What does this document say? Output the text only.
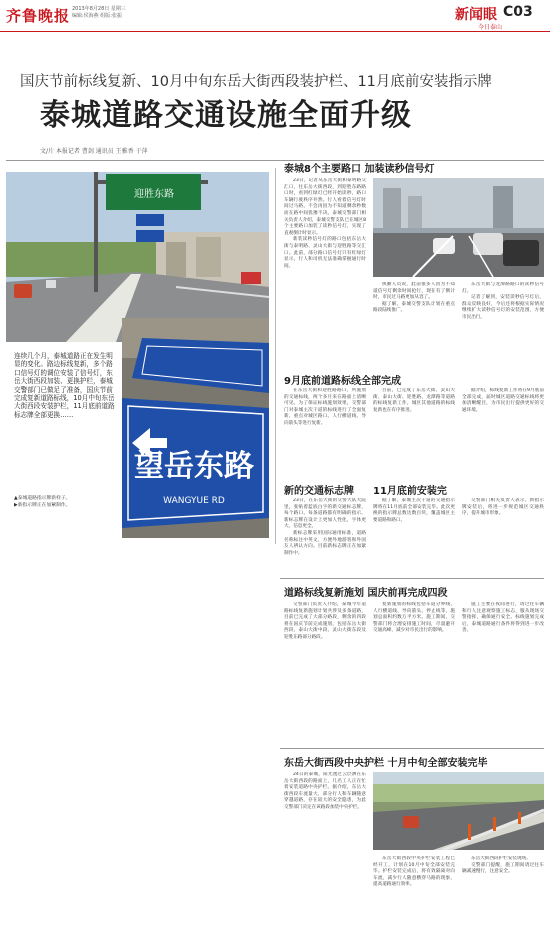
齐鲁晚报 2013年8月28日 星期三
编辑:侯海燕 组版:张振	新闻眼 C03
今日泰山
国庆节前标线复新、10月中旬东岳大街西段装护栏、11月底前安装指示牌
泰城道路交通设施全面升级
文/片 本报记者 曹剑 通讯员 王雅香 于萍
迎胜东路
望岳东路
WANGYUE RD
连续几个月，泰城道路正在发生明显的变化。路边标线复新，多个路口信号灯的调位安装了信号灯，东岳大街西段加装、更换护栏，泰城交警部门已做足了准备，国庆节前完成复新道路标线，10月中旬东岳大街西段安装护栏，11月底前道路标志牌全部更换……
▲泰城道路指示牌新样子。
▶新指示牌正在加紧制作。
泰城8个主要路口 加装读秒信号灯

23日，记者从东岳大街和泰明路交汇口，往东岳大街西段，到迎胜东路路口时，看到红绿灯已经开始读秒，路口车辆行驶秩序井然。行人看着信号灯时间过马路，不会再因为不知道剩余秒数而在路中间犹豫不决。泰城交警部门相关负责人介绍，泰城交警支队已在城区8个主要路口加装了读秒信号灯，实现了直观倒计时显示。

新装读秒信号灯的路口包括东岳大街与泰明路、灵山大街与迎胜路等交汇口。此前，部分路口信号灯只有红绿灯显示，行人和司机无法准确掌握通行时间。

执勤人员说，此前很多人因为不知道信号灯剩余时间抢行，现在有了倒计时，市民过马路更加从容了。

据了解，泰城交警支队计划在重点路段陆续推广。

东岳大街与龙潭路路口的读秒信号灯。

记者了解到，安装读秒信号灯后，群众反映良好，今后还将根据实际情况继续扩大读秒信号灯的安装范围，方便市民出行。

9月底前道路标线全部完成

在东岳大街和迎胜路路口，所施划的交通标线，两个多月来在路面上清晰可见。为了保证标线施划效果，交警部门对泰城主次干道的标线进行了全面复新，重点对城区路口、人行横道线、导向箭头等进行复新。

目前，已完成了东岳大街、灵山大街、泰山大街、迎胜路、龙潭路等道路的标线复新工作，城区其他道路的标线复新也在有序推进。

据介绍，标线复新工作将在9月底前全部完成，届时城区道路交通标线将更加清晰醒目，为市民出行提供更好的交通环境。

新的交通标志牌

23日，在东岳大街的交警大队大院里，张贴着蓝底白字的新交通标志牌，每个路口、每条道路都有明确的指示。新标志牌在设计上更加人性化，字体更大、信息更全。

新标志牌采用国际通用标准，道路名称标注中英文，方便外地游客和外国友人辨认方向。目前新标志牌正在加紧制作中。

11月底前安装完

据了解，泰城主次干道的交通指示牌将在11月底前全部安装完毕。此次更换的指示牌总数达数百块，覆盖城区主要道路和路口。

交警部门相关负责人表示，新指示牌安装后，将进一步规范城区交通秩序，提升城市形象。

道路标线复新施划 国庆前再完成四段

交警部门负责人介绍，泰城今年道路标线复新施划计划共涉及多条道路，目前已完成了大部分路段，剩余的四段将在国庆节前完成施划，包括东岳大街西段、泰山大街中段、灵山大街东段及迎胜东路部分路段。

复新施划的标线包括车道分界线、人行横道线、导向箭头、停止线等，施划总面积约数万平方米。施工期间，交警部门将合理安排施工时间，尽量避开交通高峰，减少对市民出行的影响。

施工主要在夜间进行，请过往车辆和行人注意观察施工标志，服从现场交警指挥，确保通行安全。标线施划完成后，泰城道路通行条件将得到进一步改善。

东岳大街西段中央护栏 十月中旬全部安装完毕

24日的泰城，阳光透过云层洒在东岳大街西段的路面上，几名工人正在忙着安装道路中央护栏。据介绍，东岳大街西段车流量大，部分行人和车辆随意穿越道路，存在较大的安全隐患，为此交警部门决定在该路段加装中央护栏。

东岳大街西段中央护栏安装工程已经开工，计划在10月中旬全部安装完毕。护栏安装完成后，将有效隔离对向车流，减少行人随意横穿马路的现象，提高道路通行效率。

东岳大街西段护栏安装现场。

交警部门提醒，施工期间请过往车辆减速慢行，注意安全。
